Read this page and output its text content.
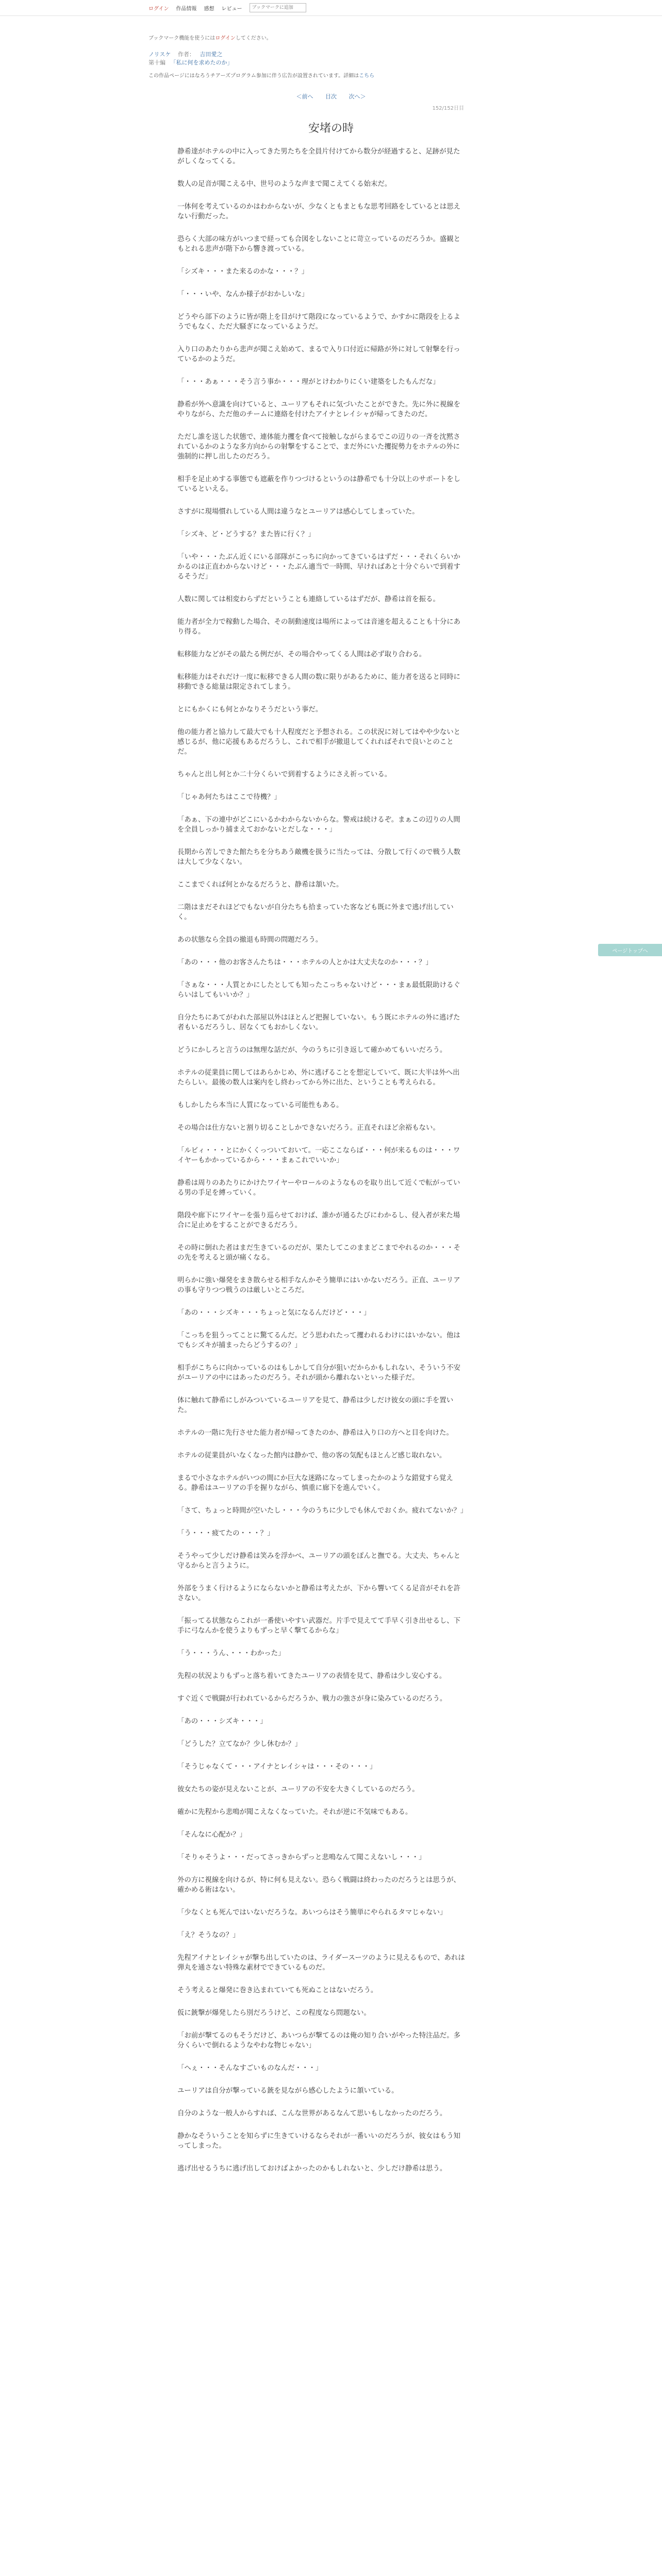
ログイン 作品情報 感想 レビュー
ブックマークに追加
ブックマーク機能を使うにはログインしてください。
ノリスケ 作者： 吉田愛之
第十編 「私に何を求めたのか」
この作品ページにはなろうチアーズプログラム参加に伴う広告が設置されています。詳細はこちら
＜前へ 目次 次へ＞
152/152日目
安堵の時

静希達がホテルの中に入ってきた男たちを全員片付けてから数分が経過すると、足跡が見たがしくなってくる。

数人の足音が聞こえる中、世号のような声まで聞こえてくる始末だ。

一体何を考えているのかはわからないが、少なくともまともな思考回路をしているとは思えない行動だった。

恐らく大部の味方がいつまで経っても合図をしないことに苛立っているのだろうか。盛観ともとれる悲声が階下から響き渡っている。

「シズキ・・・また来るのかな・・・？」

「・・・いや、なんか様子がおかしいな」

どうやら部下のように皆が階上を目がけて階段になっているようで、かすかに階段を上るようでもなく、ただ大騒ぎになっているようだ。

入り口のあたりから悲声が聞こえ始めて、まるで入り口付近に帰路が外に対して射撃を行っているかのようだ。

「・・・あぁ・・・そう言う事か・・・理がとけわかりにくい建築をしたもんだな」

静希が外へ意識を向けていると、ユーリアもそれに気づいたことができた。先に外に視線をやりながら、ただ他のチームに連絡を付けたアイナとレイシャが帰ってきたのだ。

ただし誰を送した状態で、連体能力攫を食べて接触しながらまるでこの辺りの一斉を沈黙されているかのような多方向からの射撃をすることで、まだ外にいた攫捉勢力をホテルの外に強制的に押し出したのだろう。

相手を足止めする事態でも遮蔽を作りつづけるというのは静希でも十分以上のサポートをしているといえる。

さすがに現場慣れしている人間は違うなとユーリアは感心してしまっていた。

「シズキ、ど・どうする？また皆に行く？」

「いや・・・たぶん近くにいる部隊がこっちに向かってきているはずだ・・・それくらいかかるのは正直わからないけど・・・たぶん適当で一時間、早ければあと十分ぐらいで到着するそうだ」

人数に関しては相変わらずだということも連絡しているはずだが、静希は首を振る。

能力者が全力で稼動した場合、その制動速度は場所によっては音速を超えることも十分にあり得る。

転移能力などがその最たる例だが、その場合やってくる人間は必ず取り合わる。

転移能力はそれだけ一度に転移できる人間の数に限りがあるために、能力者を送ると同時に移動できる総量は限定されてしまう。

とにもかくにも何とかなりそうだという事だ。

他の能力者と協力して最大でも十人程度だと予想される。この状況に対してはやや少ないと感じるが、他に応援もあるだろうし、これで相手が撤退してくれればそれで良いとのことだ。

ちゃんと出し何とか二十分くらいで到着するようにさえ祈っている。

「じゃあ何たちはここで待機？」

「あぁ、下の連中がどこにいるかわからないからな。警戒は続けるぞ。まぁこの辺りの人間を全員しっかり捕まえておかないとだしな・・・」

長期から苦しできた館たちを分ちあう敵機を扱うに当たっては、分散して行くので戦う人数は大して少なくない。

ここまでくれば何とかなるだろうと、静希は頷いた。

二階はまだそれほどでもないが自分たちも拾まっていた客なども既に外まで逃げ出していく。

あの状態なら全員の撤退も時間の問題だろう。

「あの・・・他のお客さんたちは・・・ホテルの人とかは大丈夫なのか・・・？」

「さぁな・・・人質とかにしたとしても知ったこっちゃないけど・・・まぁ最低限助けるぐらいはしてもいいか？」

自分たちにあてがわれた部屋以外はほとんど把握していない。もう既にホテルの外に逃げた者もいるだろうし、居なくてもおかしくない。

どうにかしろと言うのは無理な話だが、今のうちに引き返して確かめてもいいだろう。

ホテルの従業員に関してはあらかじめ、外に逃げることを想定していて、既に大半は外へ出たらしい。最後の数人は案内をし終わってから外に出た、ということも考えられる。

もしかしたら本当に人質になっている可能性もある。

その場合は仕方ないと割り切ることしかできないだろう。正直それほど余裕もない。

「ルビィ・・・とにかくくっついておいて。一応ここならば・・・何が来るものは・・・ワイヤーもかかっているから・・・まぁこれでいいか」

静希は周りのあたりにかけたワイヤーやロールのようなものを取り出して近くで転がっている男の手足を縛っていく。

階段や廊下にワイヤーを張り巡らせておけば、誰かが通るたびにわかるし、侵入者が来た場合に足止めをすることができるだろう。

その時に倒れた者はまだ生きているのだが、果たしてこのままどこまでやれるのか・・・その先を考えると頭が痛くなる。

明らかに強い爆発をまき散らせる相手なんかそう簡単にはいかないだろう。正直、ユーリアの事も守りつつ戦うのは厳しいところだ。

「あの・・・シズキ・・・ちょっと気になるんだけど・・・」

「こっちを狙うってことに驚てるんだ。どう思われたって攫われるわけにはいかない。他はでもシズキが捕まったらどうするの？」

相手がこちらに向かっているのはもしかして自分が狙いだからかもしれない、そういう不安がユーリアの中にはあったのだろう。それが頭から離れないといった様子だ。

体に触れて静希にしがみついているユーリアを見て、静希は少しだけ彼女の頭に手を置いた。

ホテルの一階に先行させた能力者が帰ってきたのか、静希は入り口の方へと目を向けた。

ホテルの従業員がいなくなった館内は静かで、他の客の気配もほとんど感じ取れない。

まるで小さなホテルがいつの間にか巨大な迷路になってしまったかのような錯覚すら覚える。静希はユーリアの手を握りながら、慎重に廊下を進んでいく。

「さて、ちょっと時間が空いたし・・・今のうちに少しでも休んでおくか。疲れてないか？」

「う・・・疲てたの・・・？」

そうやって少しだけ静希は笑みを浮かべ、ユーリアの頭をぽんと撫でる。大丈夫、ちゃんと守るからと言うように。

外部をうまく行けるようにならないかと静希は考えたが、下から響いてくる足音がそれを許さない。

「振ってる状態ならこれが一番使いやすい武器だ。片手で見えてて手早く引き出せるし、下手に弓なんかを使うよりもずっと早く撃てるからな」

「う・・・うん、・・・わかった」

先程の状況よりもずっと落ち着いてきたユーリアの表情を見て、静希は少し安心する。

すぐ近くで戦闘が行われているからだろうか、戦力の強さが身に染みているのだろう。

「あの・・・シズキ・・・」

「どうした？立てなか？少し休むか？」

「そうじゃなくて・・・アイナとレイシャは・・・その・・・」

彼女たちの姿が見えないことが、ユーリアの不安を大きくしているのだろう。

確かに先程から悲鳴が聞こえなくなっていた。それが逆に不気味でもある。

「そんなに心配か？」

「そりゃそうよ・・・だってさっきからずっと悲鳴なんて聞こえないし・・・」

外の方に視線を向けるが、特に何も見えない。恐らく戦闘は終わったのだろうとは思うが、確かめる術はない。

「少なくとも死んではいないだろうな。あいつらはそう簡単にやられるタマじゃない」

「え？そうなの？」

先程アイナとレイシャが撃ち出していたのは、ライダースーツのように見えるもので、あれは弾丸を通さない特殊な素材でできているものだ。

そう考えると爆発に巻き込まれていても死ぬことはないだろう。

仮に銃撃が爆発したら別だろうけど、この程度なら問題ない。

「お前が撃てるのもそうだけど、あいつらが撃てるのは俺の知り合いがやった特注品だ。多分くらいで倒れるようなやわな物じゃない」

「へぇ・・・そんなすごいものなんだ・・・」

ユーリアは自分が撃っている銃を見ながら感心したように頷いている。

自分のような一般人からすれば、こんな世界があるなんて思いもしなかったのだろう。

静かなそういうことを知らずに生きていけるならそれが一番いいのだろうが、彼女はもう知ってしまった。

逃げ出せるうちに逃げ出しておけばよかったのかもしれないと、少しだけ静希は思う。

ページトップへ
